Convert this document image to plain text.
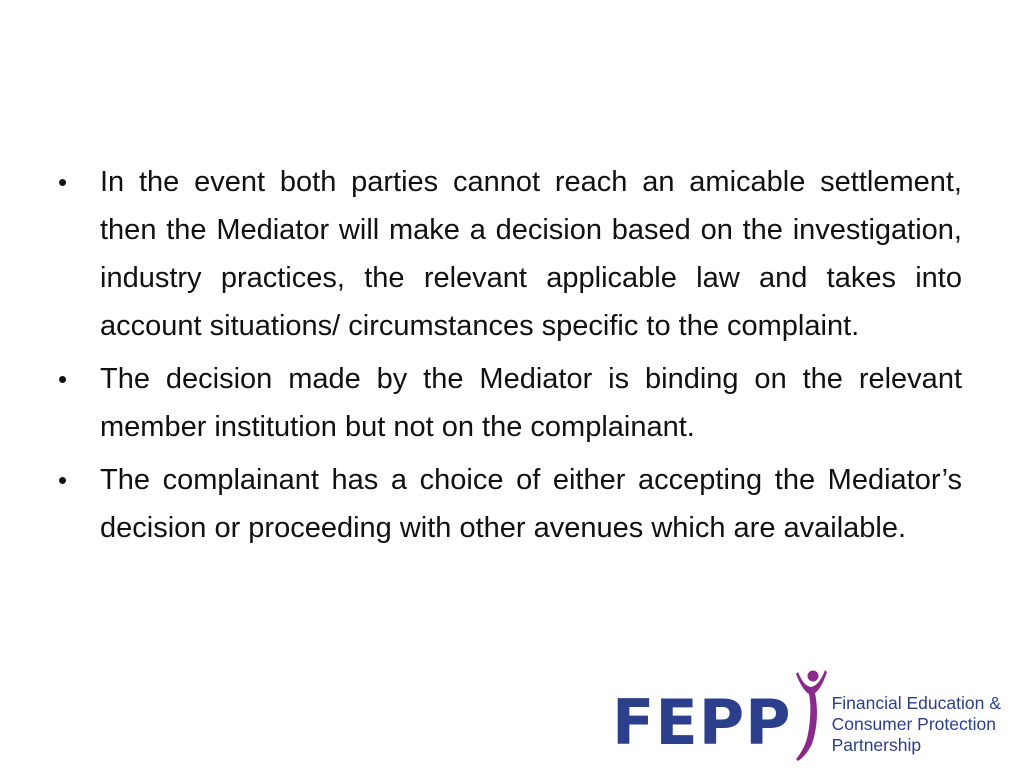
•	In the event both parties cannot reach an amicable settlement, then the Mediator will make a decision based on the investigation, industry practices, the relevant applicable law and takes into account situations/ circumstances specific to the complaint.
•	The decision made by the Mediator is binding on the relevant member institution but not on the complainant.
•	The complainant has a choice of either accepting the Mediator’s decision or proceeding with other avenues which are available.
FEPP Financial Education &
Consumer Protection
Partnership
